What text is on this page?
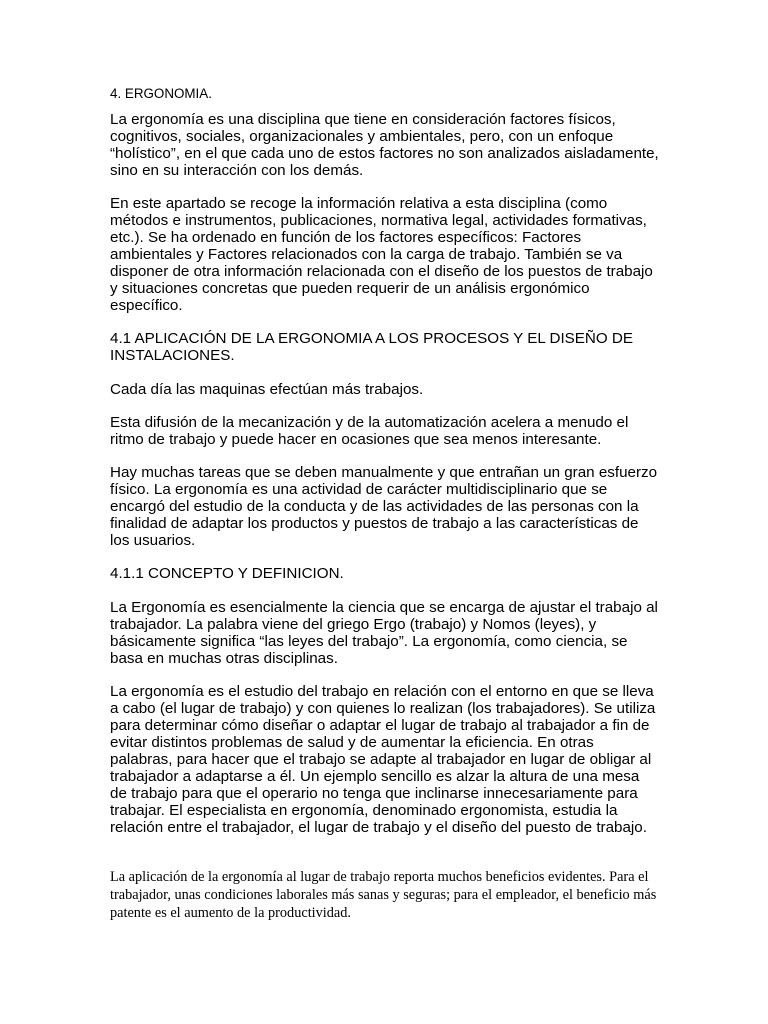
4. ERGONOMIA.

La ergonomía es una disciplina que tiene en consideración factores físicos, cognitivos, sociales, organizacionales y ambientales, pero, con un enfoque “holístico”, en el que cada uno de estos factores no son analizados aisladamente, sino en su interacción con los demás.

En este apartado se recoge la información relativa a esta disciplina (como métodos e instrumentos, publicaciones, normativa legal, actividades formativas, etc.). Se ha ordenado en función de los factores específicos: Factores ambientales y Factores relacionados con la carga de trabajo. También se va disponer de otra información relacionada con el diseño de los puestos de trabajo y situaciones concretas que pueden requerir de un análisis ergonómico específico.

4.1 APLICACIÓN DE LA ERGONOMIA A LOS PROCESOS Y EL DISEÑO DE INSTALACIONES.

Cada día las maquinas efectúan más trabajos.

Esta difusión de la mecanización y de la automatización acelera a menudo el ritmo de trabajo y puede hacer en ocasiones que sea menos interesante.

Hay muchas tareas que se deben manualmente y que entrañan un gran esfuerzo físico. La ergonomía es una actividad de carácter multidisciplinario que se encargó del estudio de la conducta y de las actividades de las personas con la finalidad de adaptar los productos y puestos de trabajo a las características de los usuarios.

4.1.1 CONCEPTO Y DEFINICION.

La Ergonomía es esencialmente la ciencia que se encarga de ajustar el trabajo al trabajador. La palabra viene del griego Ergo (trabajo) y Nomos (leyes), y básicamente significa “las leyes del trabajo”. La ergonomía, como ciencia, se basa en muchas otras disciplinas.

La ergonomía es el estudio del trabajo en relación con el entorno en que se lleva a cabo (el lugar de trabajo) y con quienes lo realizan (los trabajadores). Se utiliza para determinar cómo diseñar o adaptar el lugar de trabajo al trabajador a fin de evitar distintos problemas de salud y de aumentar la eficiencia. En otras palabras, para hacer que el trabajo se adapte al trabajador en lugar de obligar al trabajador a adaptarse a él. Un ejemplo sencillo es alzar la altura de una mesa de trabajo para que el operario no tenga que inclinarse innecesariamente para trabajar. El especialista en ergonomía, denominado ergonomista, estudia la relación entre el trabajador, el lugar de trabajo y el diseño del puesto de trabajo.

La aplicación de la ergonomía al lugar de trabajo reporta muchos beneficios evidentes. Para el trabajador, unas condiciones laborales más sanas y seguras; para el empleador, el beneficio más patente es el aumento de la productividad.
